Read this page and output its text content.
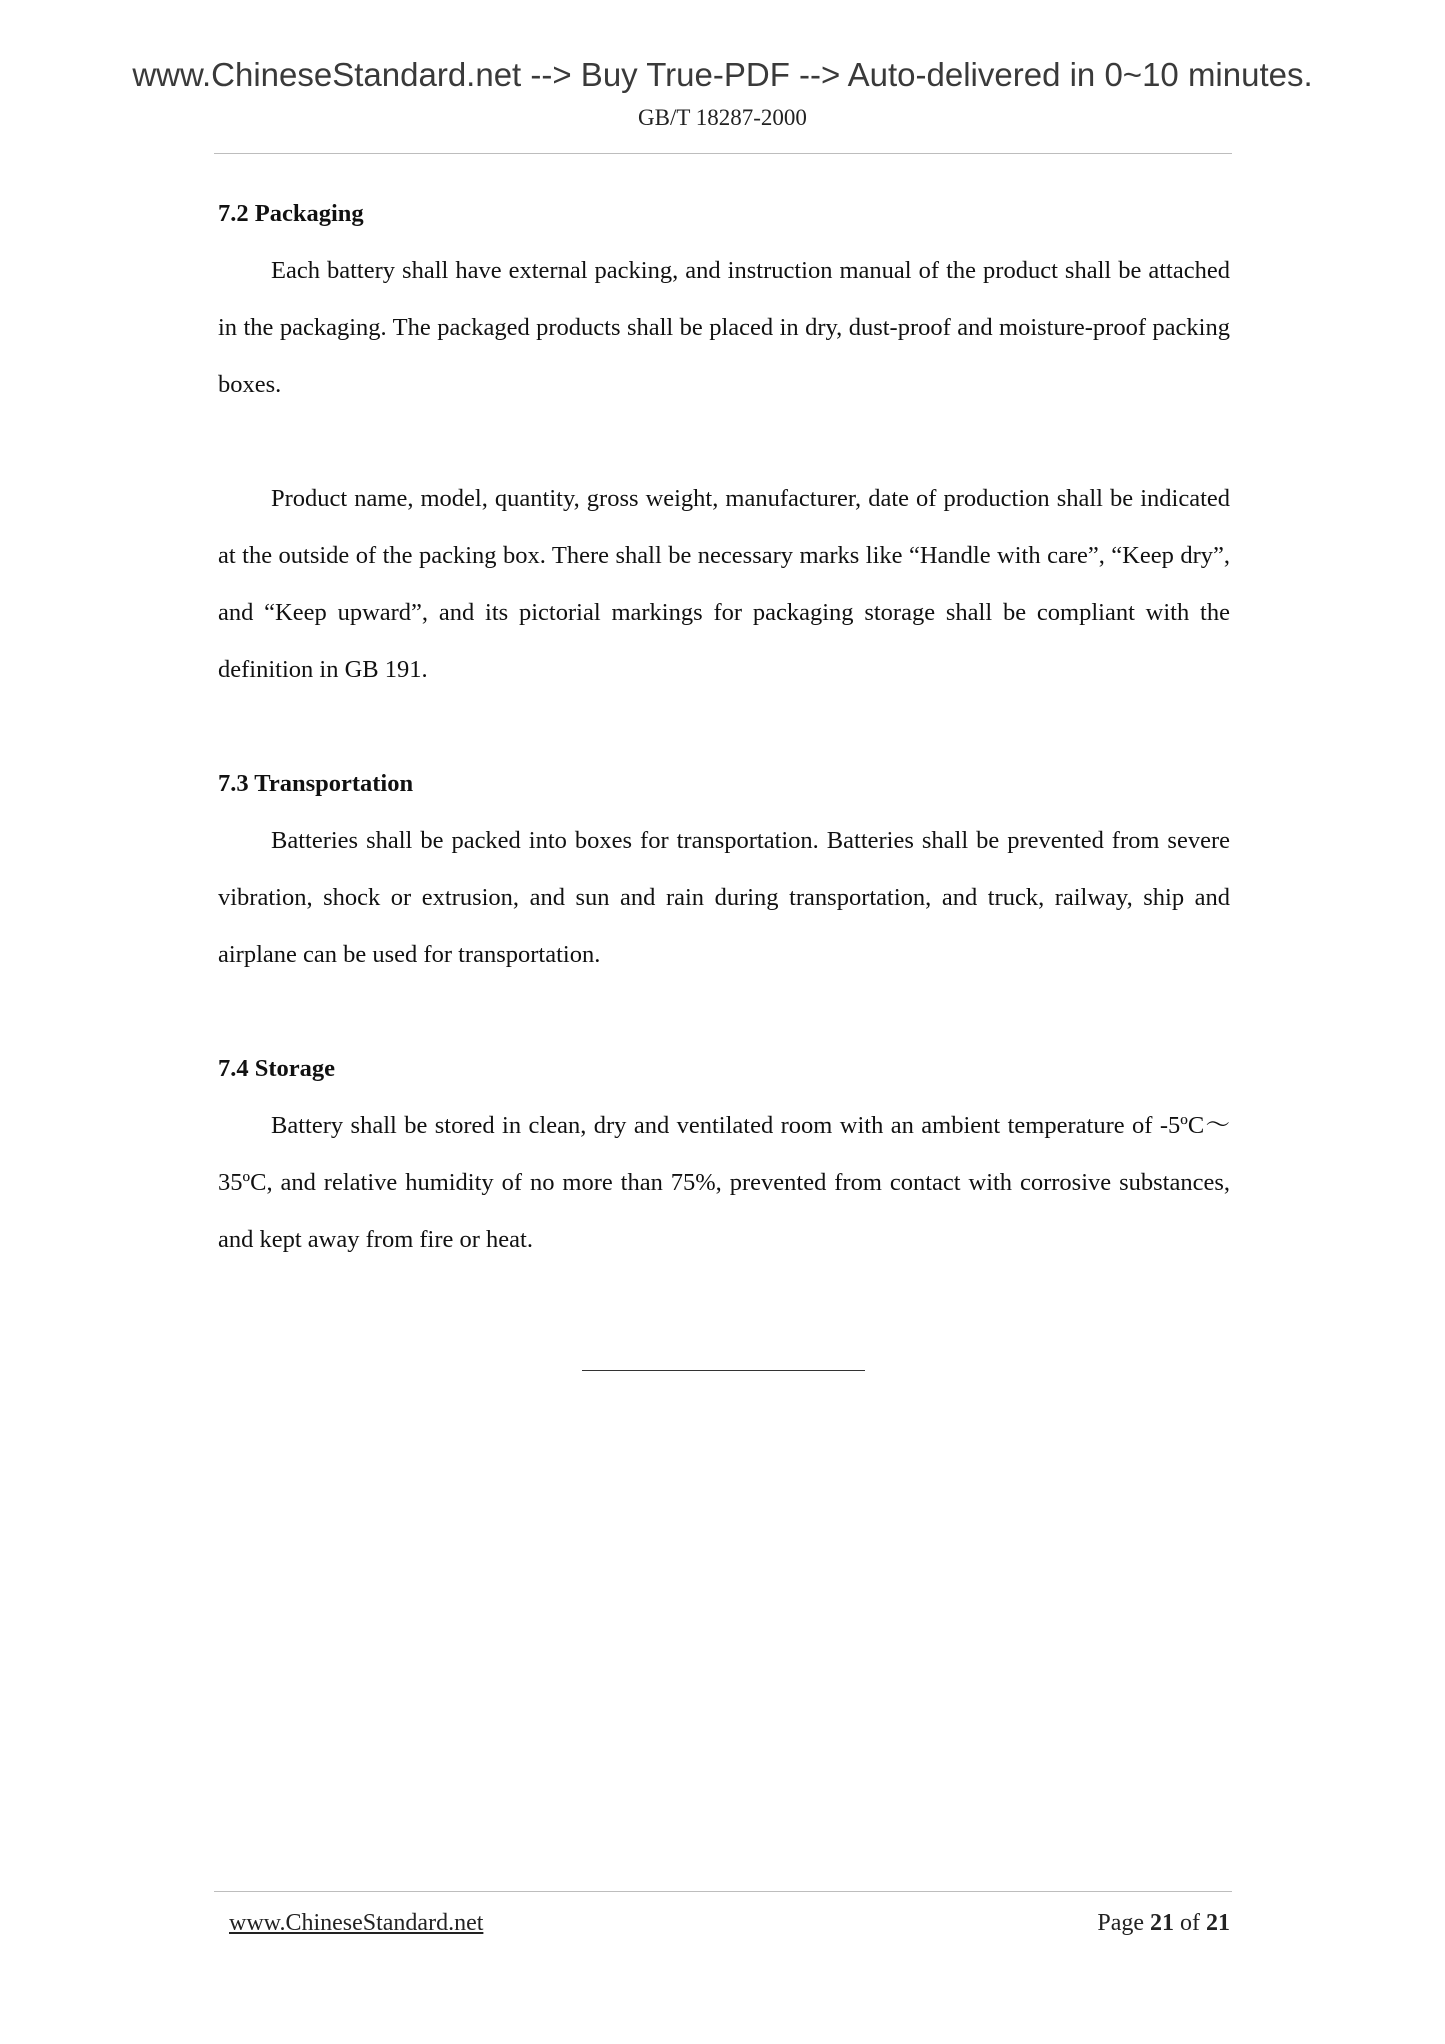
www.ChineseStandard.net --> Buy True-PDF --> Auto-delivered in 0~10 minutes.
GB/T 18287-2000
7.2 Packaging

Each battery shall have external packing, and instruction manual of the product shall be attached in the packaging. The packaged products shall be placed in dry, dust-proof and moisture-proof packing boxes.

Product name, model, quantity, gross weight, manufacturer, date of production shall be indicated at the outside of the packing box. There shall be necessary marks like “Handle with care”, “Keep dry”, and “Keep upward”, and its pictorial markings for packaging storage shall be compliant with the definition in GB 191.

7.3 Transportation

Batteries shall be packed into boxes for transportation. Batteries shall be prevented from severe vibration, shock or extrusion, and sun and rain during transportation, and truck, railway, ship and airplane can be used for transportation.

7.4 Storage

Battery shall be stored in clean, dry and ventilated room with an ambient temperature of -5ºC～35ºC, and relative humidity of no more than 75%, prevented from contact with corrosive substances, and kept away from fire or heat.

www.ChineseStandard.net	Page 21 of 21
